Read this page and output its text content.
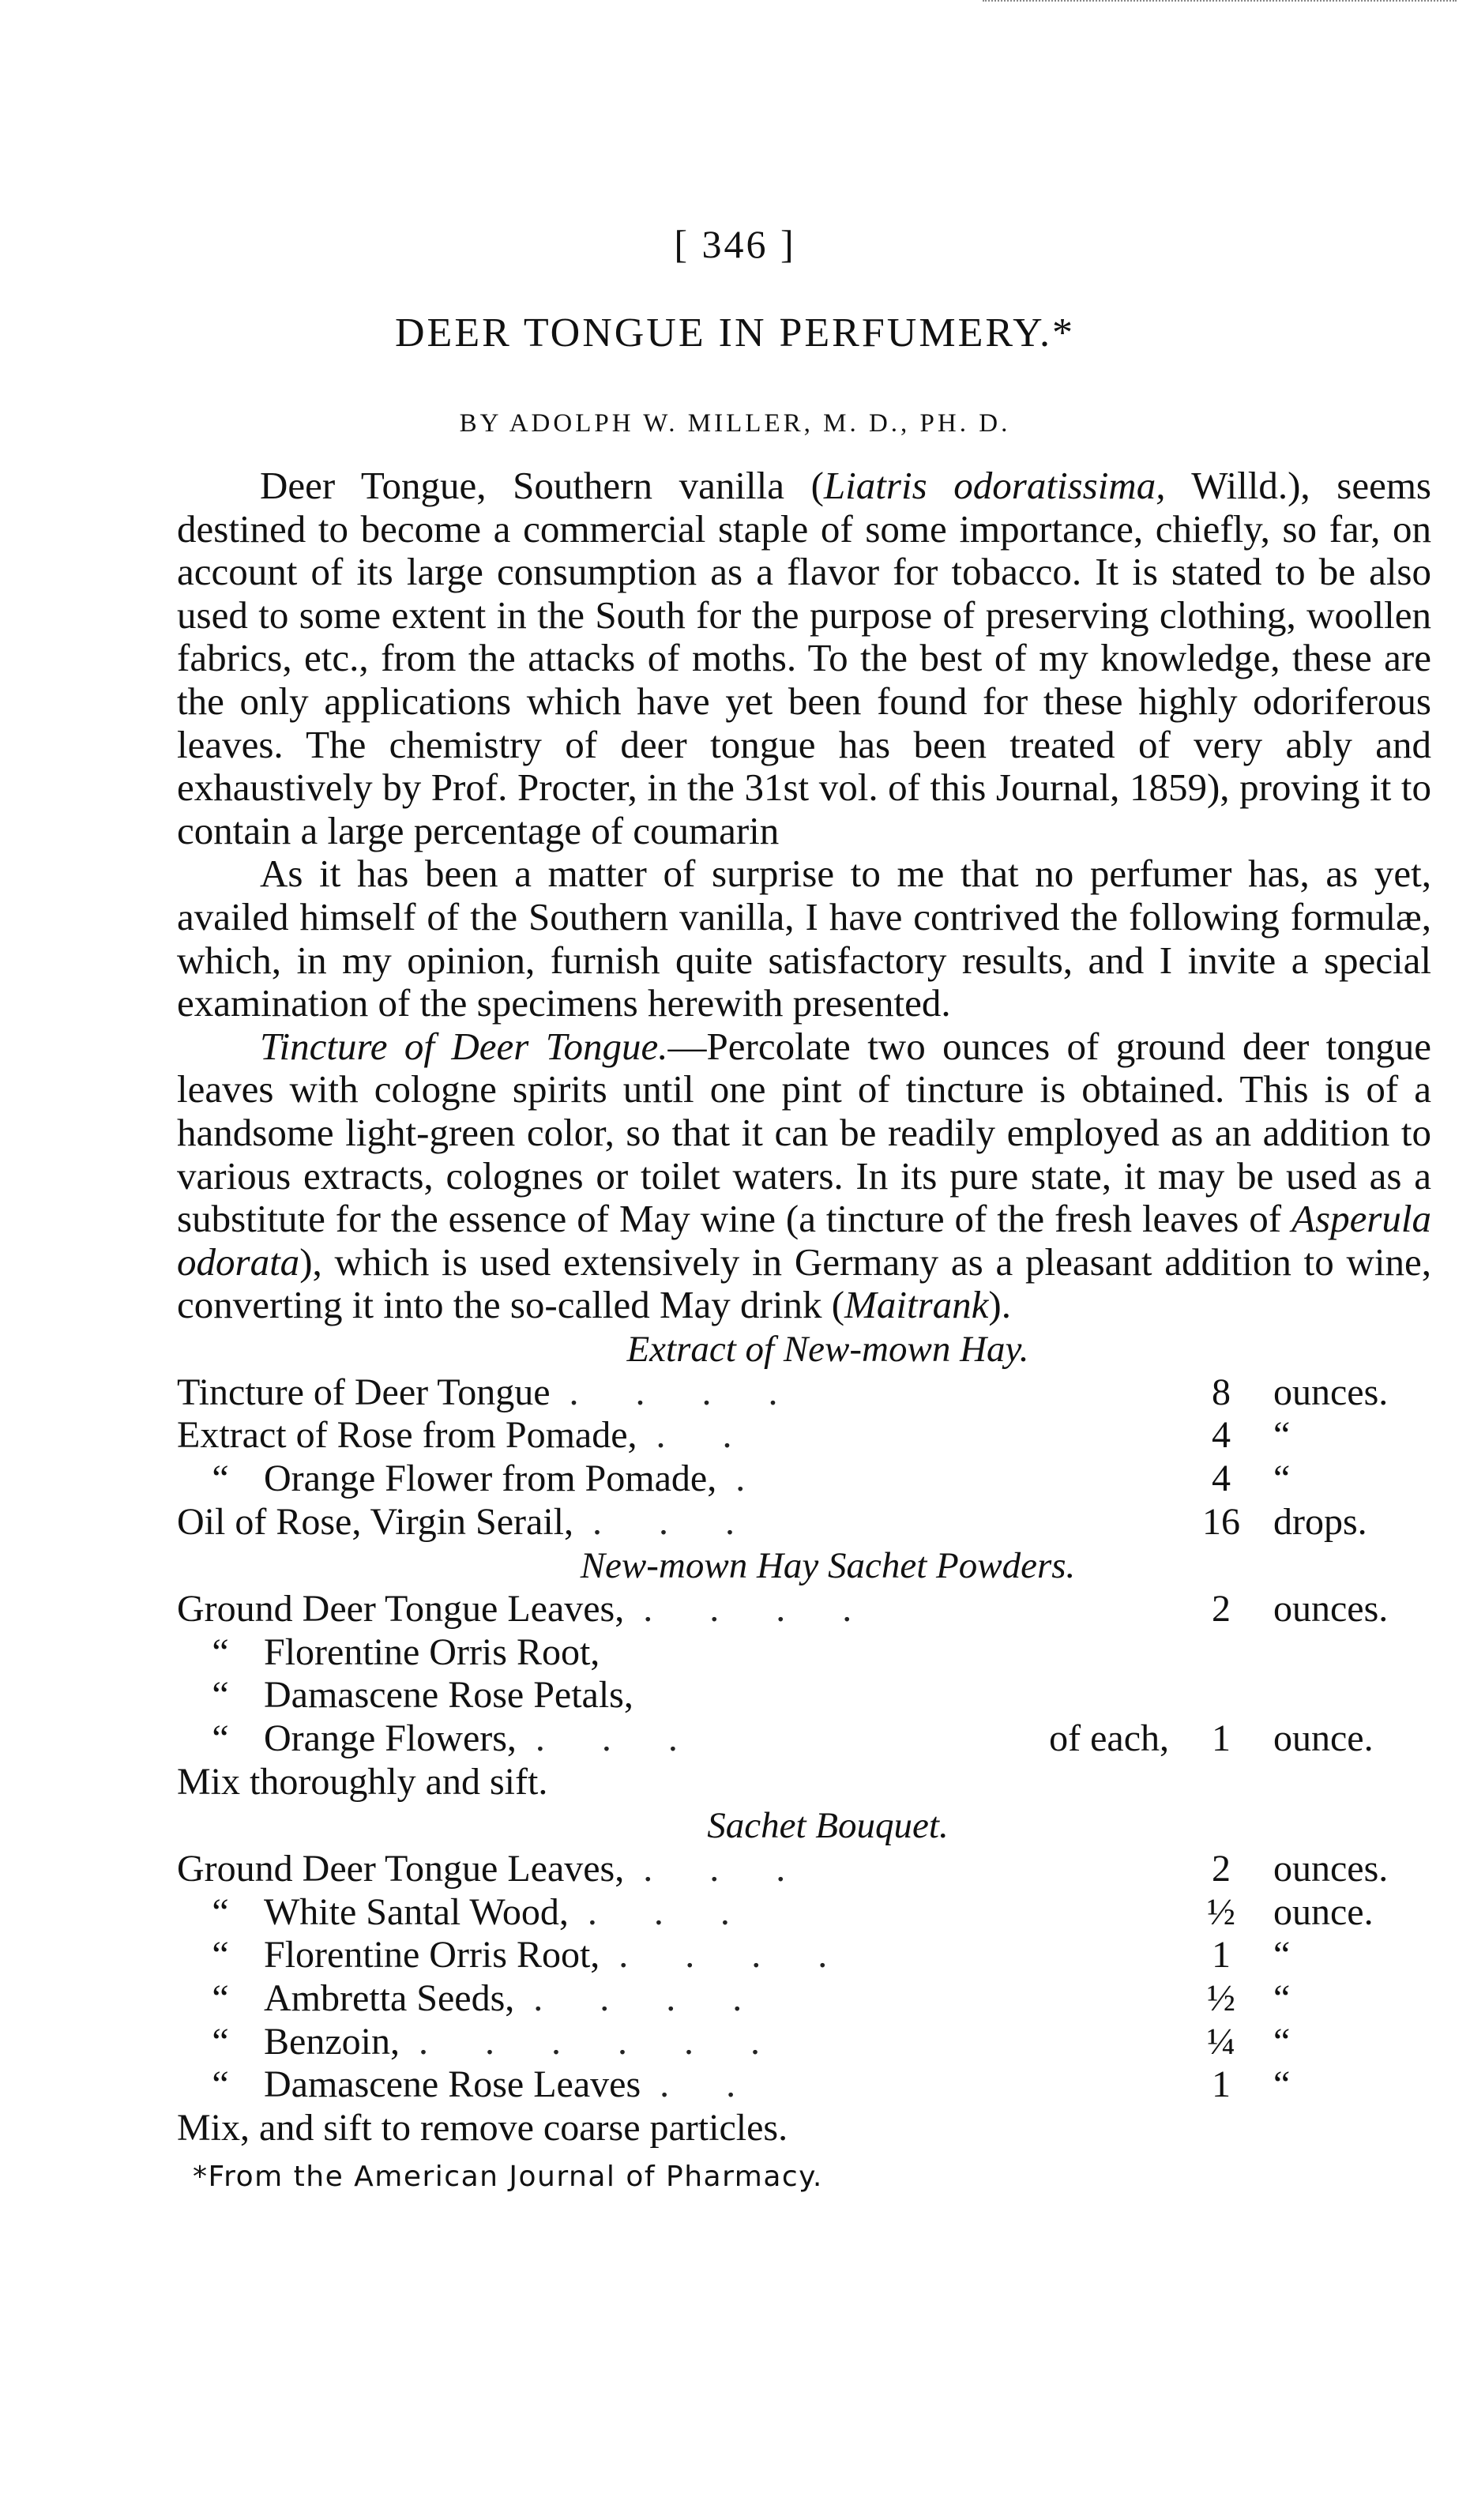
[ 346 ]
DEER TONGUE IN PERFUMERY.*
BY ADOLPH W. MILLER, M. D., PH. D.

Deer Tongue, Southern vanilla (Liatris odoratissima, Willd.), seems destined to become a commercial staple of some importance, chiefly, so far, on account of its large consumption as a flavor for tobacco. It is stated to be also used to some extent in the South for the purpose of preserving clothing, woollen fabrics, etc., from the attacks of moths. To the best of my knowledge, these are the only applications which have yet been found for these highly odoriferous leaves. The chemistry of deer tongue has been treated of very ably and exhaustively by Prof. Procter, in the 31st vol. of this Journal, 1859), proving it to contain a large percentage of coumarin

As it has been a matter of surprise to me that no perfumer has, as yet, availed himself of the Southern vanilla, I have contrived the following formulæ, which, in my opinion, furnish quite satisfactory results, and I invite a special examination of the specimens herewith presented.

Tincture of Deer Tongue.—Percolate two ounces of ground deer tongue leaves with cologne spirits until one pint of tincture is obtained. This is of a handsome light-green color, so that it can be readily employed as an addition to various extracts, colognes or toilet waters. In its pure state, it may be used as a substitute for the essence of May wine (a tincture of the fresh leaves of Asperula odorata), which is used extensively in Germany as a pleasant addition to wine, converting it into the so-called May drink (Maitrank).

Extract of New-mown Hay.

Tincture of Deer Tongue . . . .	8	ounces.
Extract of Rose from Pomade, . .	4	“
“ Orange Flower from Pomade, .	4	“
Oil of Rose, Virgin Serail, . . .	16 drops.

New-mown Hay Sachet Powders.

Ground Deer Tongue Leaves, . . . .	2	ounces.
“ Florentine Orris Root,
“ Damascene Rose Petals,
“ Orange Flowers, . . .	of each,	1	ounce.
Mix thoroughly and sift.

Sachet Bouquet.

Ground Deer Tongue Leaves, . . .	2	ounces.
“ White Santal Wood, . . .	½	ounce.
“ Florentine Orris Root, . . . .	1	“
“ Ambretta Seeds, . . . .	½	“
“ Benzoin, . . . . . .	¼	“
“ Damascene Rose Leaves . .	1	“
Mix, and sift to remove coarse particles.
*From the American Journal of Pharmacy.
